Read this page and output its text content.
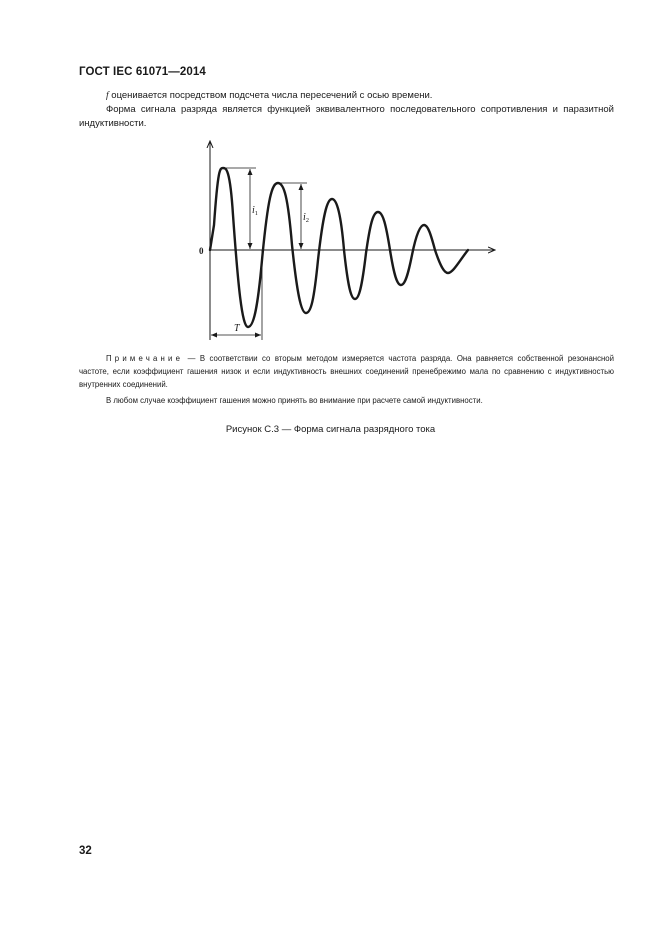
ГОСТ IEC 61071—2014
f оценивается посредством подсчета числа пересечений с осью времени.
Форма сигнала разряда является функцией эквивалентного последовательного сопротивления и паразитной индуктивности.
0
$i_1$	$i_2$
T
Примечание — В соответствии со вторым методом измеряется частота разряда. Она равняется собственной резонансной частоте, если коэффициент гашения низок и если индуктивность внешних соединений пренебрежимо мала по сравнению с индуктивностью внутренних соединений.
В любом случае коэффициент гашения можно принять во внимание при расчете самой индуктивности.
Рисунок С.3 — Форма сигнала разрядного тока
32
